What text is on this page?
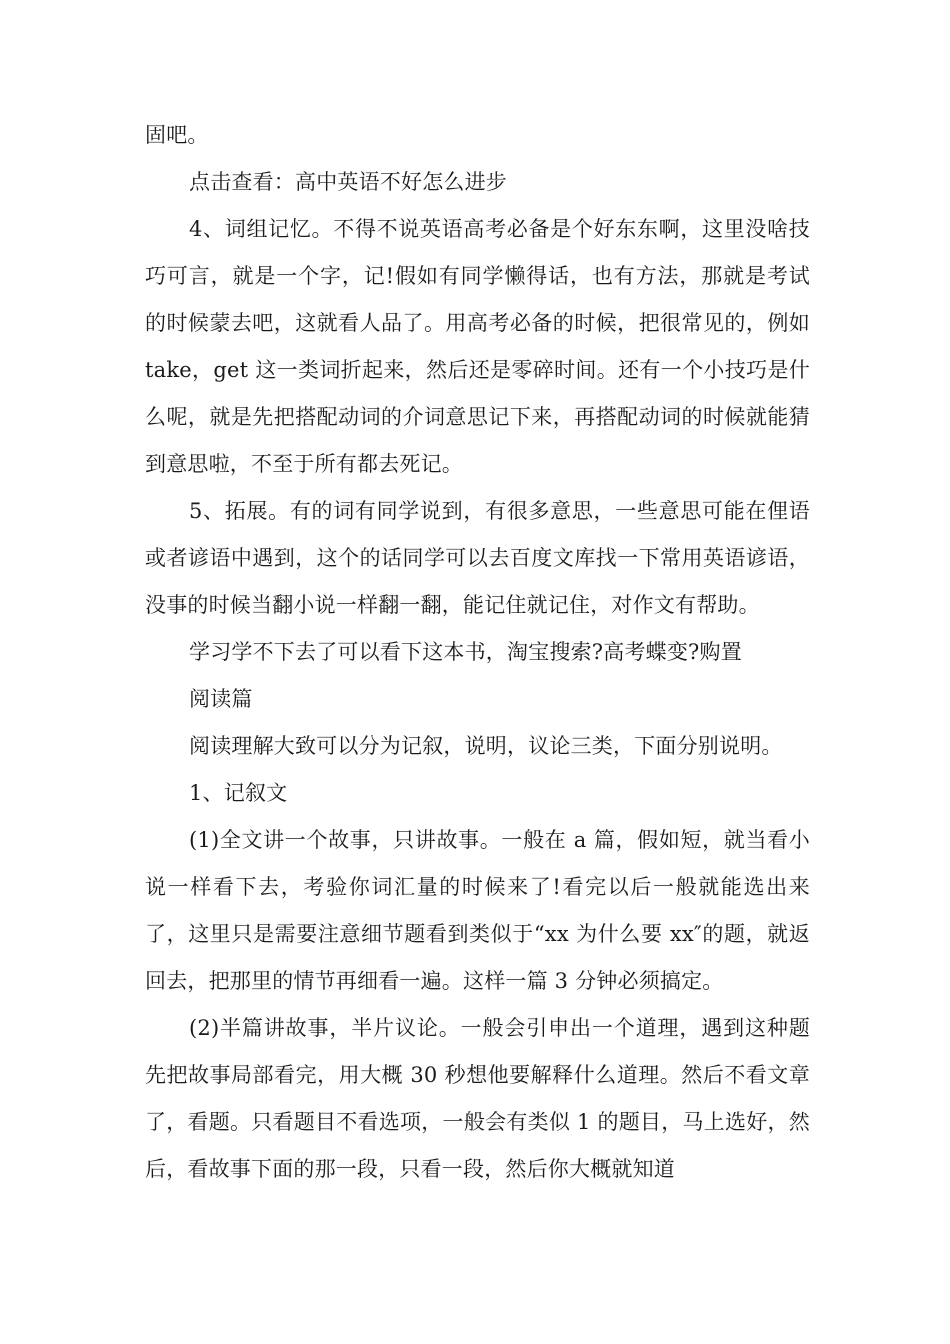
固吧。

点击查看：高中英语不好怎么进步

4、词组记忆。不得不说英语高考必备是个好东东啊，这里没啥技巧可言，就是一个字，记!假如有同学懒得话，也有方法，那就是考试的时候蒙去吧，这就看人品了。用高考必备的时候，把很常见的，例如 take，get 这一类词折起来，然后还是零碎时间。还有一个小技巧是什么呢，就是先把搭配动词的介词意思记下来，再搭配动词的时候就能猜到意思啦，不至于所有都去死记。

5、拓展。有的词有同学说到，有很多意思，一些意思可能在俚语或者谚语中遇到，这个的话同学可以去百度文库找一下常用英语谚语，没事的时候当翻小说一样翻一翻，能记住就记住，对作文有帮助。

学习学不下去了可以看下这本书，淘宝搜索?高考蝶变?购置

阅读篇

阅读理解大致可以分为记叙，说明，议论三类，下面分别说明。

1、记叙文

(1)全文讲一个故事，只讲故事。一般在 a 篇，假如短，就当看小说一样看下去，考验你词汇量的时候来了!看完以后一般就能选出来了，这里只是需要注意细节题看到类似于“xx 为什么要 xx″的题，就返回去，把那里的情节再细看一遍。这样一篇 3 分钟必须搞定。

(2)半篇讲故事，半片议论。一般会引申出一个道理，遇到这种题先把故事局部看完，用大概 30 秒想他要解释什么道理。然后不看文章了，看题。只看题目不看选项，一般会有类似 1 的题目，马上选好，然后，看故事下面的那一段，只看一段，然后你大概就知道
